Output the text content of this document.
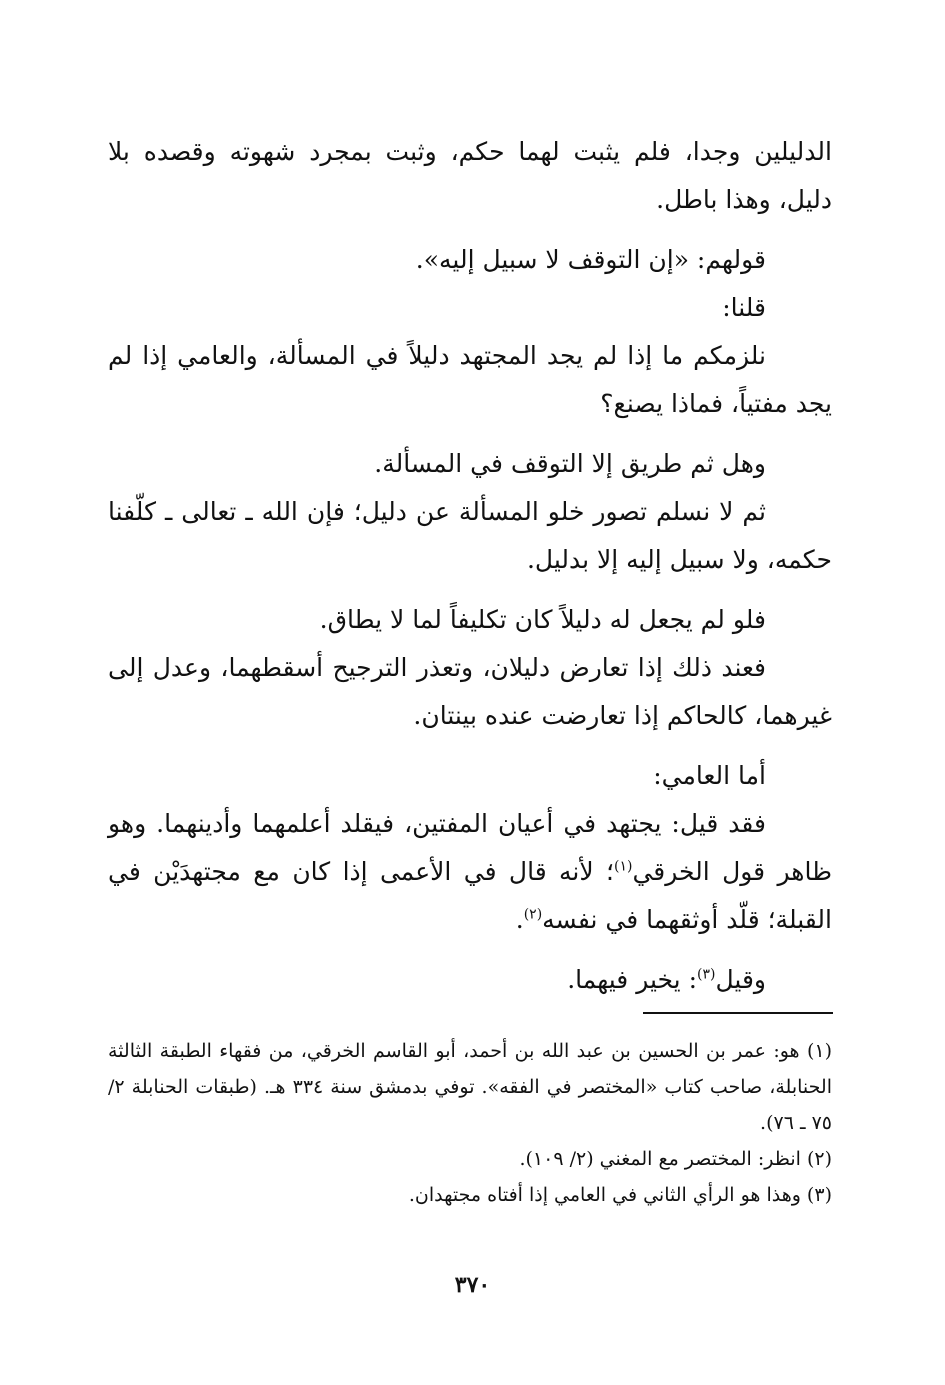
الدليلين وجدا، فلم يثبت لهما حكم، وثبت بمجرد شهوته وقصده بلا دليل، وهذا باطل.

قولهم: «إن التوقف لا سبيل إليه».

قلنا:

نلزمكم ما إذا لم يجد المجتهد دليلاً في المسألة، والعامي إذا لم يجد مفتياً، فماذا يصنع؟

وهل ثم طريق إلا التوقف في المسألة.

ثم لا نسلم تصور خلو المسألة عن دليل؛ فإن الله ـ تعالى ـ كلّفنا حكمه، ولا سبيل إليه إلا بدليل.

فلو لم يجعل له دليلاً كان تكليفاً لما لا يطاق.

فعند ذلك إذا تعارض دليلان، وتعذر الترجيح أسقطهما، وعدل إلى غيرهما، كالحاكم إذا تعارضت عنده بينتان.

أما العامي:

فقد قيل: يجتهد في أعيان المفتين، فيقلد أعلمهما وأدينهما. وهو ظاهر قول الخرقي$^{(١)}$؛ لأنه قال في الأعمى إذا كان مع مجتهدَيْن في القبلة؛ قلّد أوثقهما في نفسه$^{(٢)}$.

وقيل$^{(٣)}$: يخير فيهما.

(١) هو: عمر بن الحسين بن عبد الله بن أحمد، أبو القاسم الخرقي، من فقهاء الطبقة الثالثة الحنابلة، صاحب كتاب «المختصر في الفقه». توفي بدمشق سنة ٣٣٤ هـ. (طبقات الحنابلة ٢/ ٧٥ ـ ٧٦).

(٢) انظر: المختصر مع المغني (٢/ ١٠٩).

(٣) وهذا هو الرأي الثاني في العامي إذا أفتاه مجتهدان.

٣٧٠
